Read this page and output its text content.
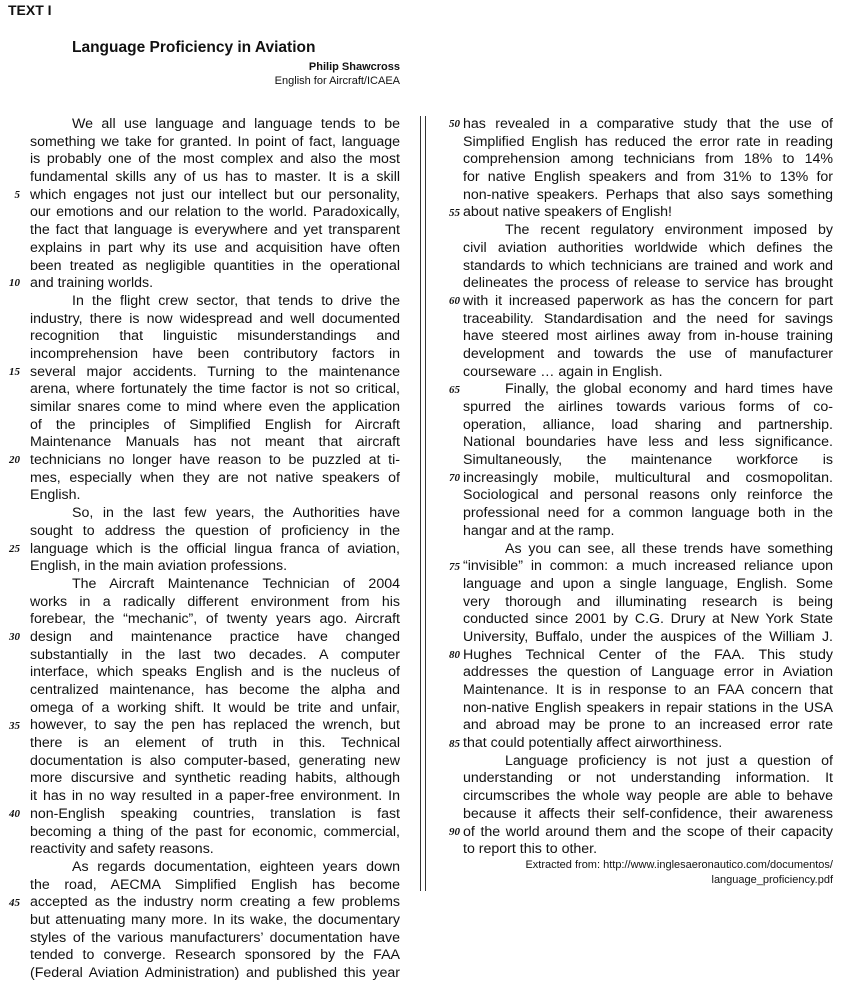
TEXT I
Language Proficiency in Aviation
Philip Shawcross
English for Aircraft/ICAEA
5
10
15
20
25
30
35
40
45
We all use language and language tends to be
something we take for granted. In point of fact, language
is probably one of the most complex and also the most
fundamental skills any of us has to master. It is a skill
which engages not just our intellect but our personality,
our emotions and our relation to the world. Paradoxically,
the fact that language is everywhere and yet transparent
explains in part why its use and acquisition have often
been treated as negligible quantities in the operational
and training worlds.
In the flight crew sector, that tends to drive the
industry, there is now widespread and well documented
recognition that linguistic misunderstandings and
incomprehension have been contributory factors in
several major accidents. Turning to the maintenance
arena, where fortunately the time factor is not so critical,
similar snares come to mind where even the application
of the principles of Simplified English for Aircraft
Maintenance Manuals has not meant that aircraft
technicians no longer have reason to be puzzled at ti-
mes, especially when they are not native speakers of
English.
So, in the last few years, the Authorities have
sought to address the question of proficiency in the
language which is the official lingua franca of aviation,
English, in the main aviation professions.
The Aircraft Maintenance Technician of 2004
works in a radically different environment from his
forebear, the “mechanic”, of twenty years ago. Aircraft
design and maintenance practice have changed
substantially in the last two decades. A computer
interface, which speaks English and is the nucleus of
centralized maintenance, has become the alpha and
omega of a working shift. It would be trite and unfair,
however, to say the pen has replaced the wrench, but
there is an element of truth in this. Technical
documentation is also computer-based, generating new
more discursive and synthetic reading habits, although
it has in no way resulted in a paper-free environment. In
non-English speaking countries, translation is fast
becoming a thing of the past for economic, commercial,
reactivity and safety reasons.
As regards documentation, eighteen years down
the road, AECMA Simplified English has become
accepted as the industry norm creating a few problems
but attenuating many more. In its wake, the documentary
styles of the various manufacturers’ documentation have
tended to converge. Research sponsored by the FAA
(Federal Aviation Administration) and published this year
50
55
60
65
70
75
80
85
90
has revealed in a comparative study that the use of
Simplified English has reduced the error rate in reading
comprehension among technicians from 18% to 14%
for native English speakers and from 31% to 13% for
non-native speakers. Perhaps that also says something
about native speakers of English!
The recent regulatory environment imposed by
civil aviation authorities worldwide which defines the
standards to which technicians are trained and work and
delineates the process of release to service has brought
with it increased paperwork as has the concern for part
traceability. Standardisation and the need for savings
have steered most airlines away from in-house training
development and towards the use of manufacturer
courseware … again in English.
Finally, the global economy and hard times have
spurred the airlines towards various forms of co-
operation, alliance, load sharing and partnership.
National boundaries have less and less significance.
Simultaneously, the maintenance workforce is
increasingly mobile, multicultural and cosmopolitan.
Sociological and personal reasons only reinforce the
professional need for a common language both in the
hangar and at the ramp.
As you can see, all these trends have something
“invisible” in common: a much increased reliance upon
language and upon a single language, English. Some
very thorough and illuminating research is being
conducted since 2001 by C.G. Drury at New York State
University, Buffalo, under the auspices of the William J.
Hughes Technical Center of the FAA. This study
addresses the question of Language error in Aviation
Maintenance. It is in response to an FAA concern that
non-native English speakers in repair stations in the USA
and abroad may be prone to an increased error rate
that could potentially affect airworthiness.
Language proficiency is not just a question of
understanding or not understanding information. It
circumscribes the whole way people are able to behave
because it affects their self-confidence, their awareness
of the world around them and the scope of their capacity
to report this to other.
Extracted from: http://www.inglesaeronautico.com/documentos/
language_proficiency.pdf
